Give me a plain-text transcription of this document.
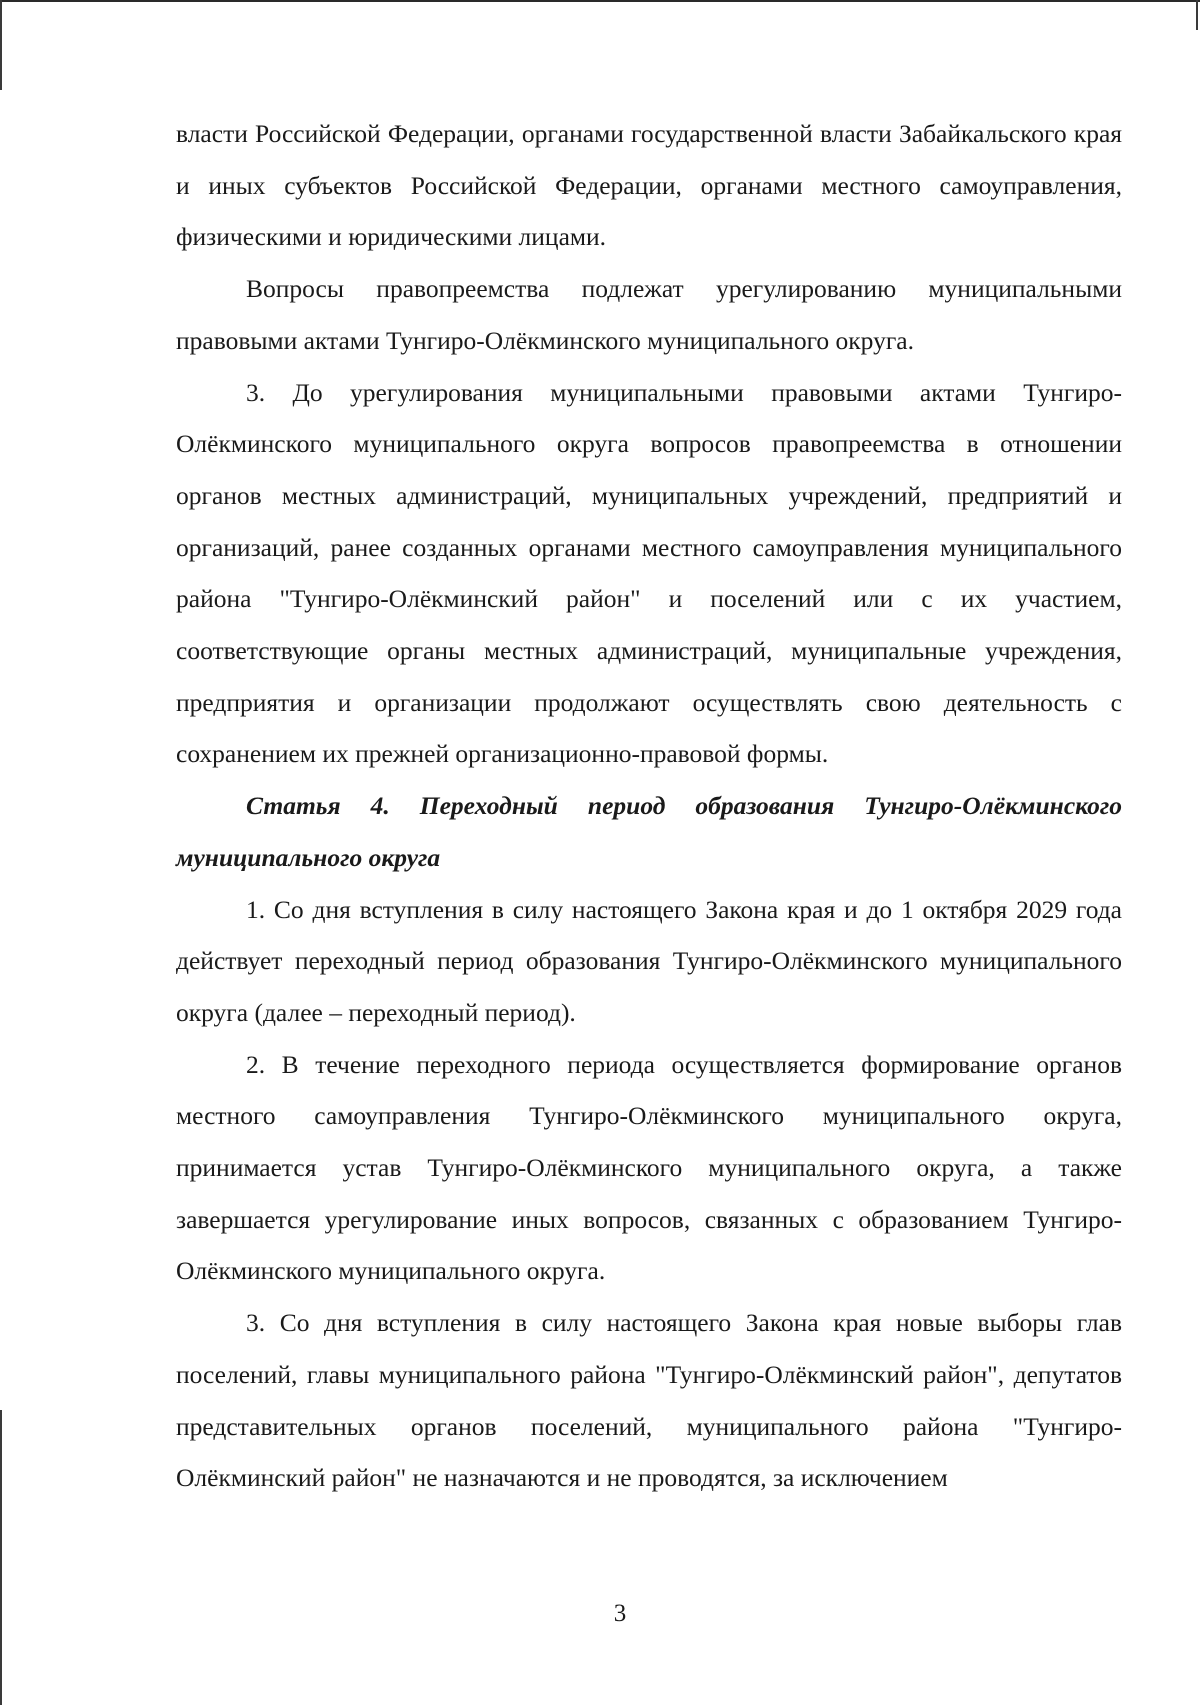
власти Российской Федерации, органами государственной власти Забайкальского края и иных субъектов Российской Федерации, органами местного самоуправления, физическими и юридическими лицами.

Вопросы правопреемства подлежат урегулированию муниципальными правовыми актами Тунгиро-Олёкминского муниципального округа.

3. До урегулирования муниципальными правовыми актами Тунгиро-Олёкминского муниципального округа вопросов правопреемства в отношении органов местных администраций, муниципальных учреждений, предприятий и организаций, ранее созданных органами местного самоуправления муниципального района "Тунгиро-Олёкминский район" и поселений или с их участием, соответствующие органы местных администраций, муниципальные учреждения, предприятия и организации продолжают осуществлять свою деятельность с сохранением их прежней организационно-правовой формы.

Статья 4. Переходный период образования Тунгиро-Олёкминского муниципального округа

1. Со дня вступления в силу настоящего Закона края и до 1 октября 2029 года действует переходный период образования Тунгиро-Олёкминского муниципального округа (далее – переходный период).

2. В течение переходного периода осуществляется формирование органов местного самоуправления Тунгиро-Олёкминского муниципального округа, принимается устав Тунгиро-Олёкминского муниципального округа, а также завершается урегулирование иных вопросов, связанных с образованием Тунгиро-Олёкминского муниципального округа.

3. Со дня вступления в силу настоящего Закона края новые выборы глав поселений, главы муниципального района "Тунгиро-Олёкминский район", депутатов представительных органов поселений, муниципального района "Тунгиро-Олёкминский район" не назначаются и не проводятся, за исключением

3
